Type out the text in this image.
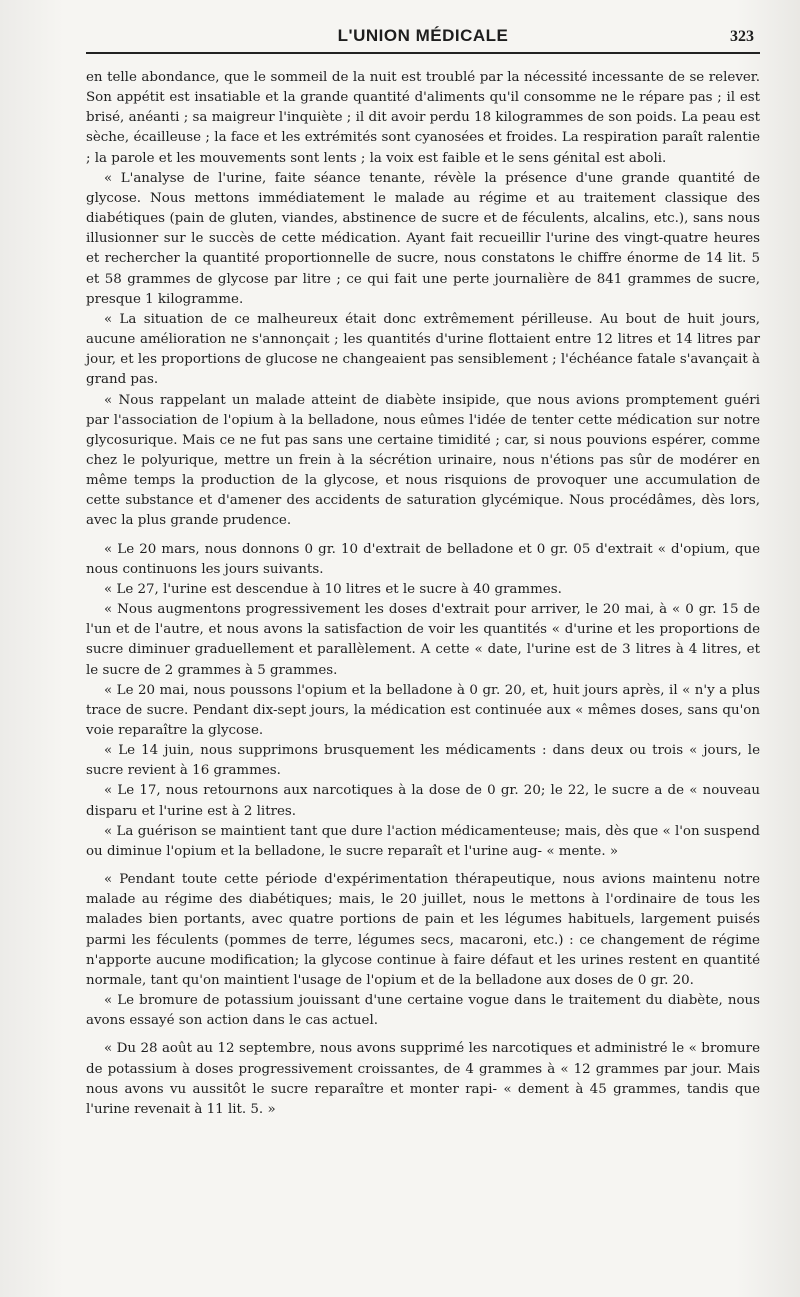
L'UNION MÉDICALE	323

en telle abondance, que le sommeil de la nuit est troublé par la nécessité incessante de se relever. Son appétit est insatiable et la grande quantité d'aliments qu'il consomme ne le répare pas ; il est brisé, anéanti ; sa maigreur l'inquiète ; il dit avoir perdu 18 kilogrammes de son poids. La peau est sèche, écailleuse ; la face et les extrémités sont cyanosées et froides. La respiration paraît ralentie ; la parole et les mouvements sont lents ; la voix est faible et le sens génital est aboli.

« L'analyse de l'urine, faite séance tenante, révèle la présence d'une grande quantité de glycose. Nous mettons immédiatement le malade au régime et au traitement classique des diabétiques (pain de gluten, viandes, abstinence de sucre et de féculents, alcalins, etc.), sans nous illusionner sur le succès de cette médication. Ayant fait recueillir l'urine des vingt-quatre heures et rechercher la quantité proportionnelle de sucre, nous constatons le chiffre énorme de 14 lit. 5 et 58 grammes de glycose par litre ; ce qui fait une perte journalière de 841 grammes de sucre, presque 1 kilogramme.

« La situation de ce malheureux était donc extrêmement périlleuse. Au bout de huit jours, aucune amélioration ne s'annonçait ; les quantités d'urine flottaient entre 12 litres et 14 litres par jour, et les proportions de glucose ne changeaient pas sensiblement ; l'échéance fatale s'avançait à grand pas.

« Nous rappelant un malade atteint de diabète insipide, que nous avions promptement guéri par l'association de l'opium à la belladone, nous eûmes l'idée de tenter cette médication sur notre glycosurique. Mais ce ne fut pas sans une certaine timidité ; car, si nous pouvions espérer, comme chez le polyurique, mettre un frein à la sécrétion urinaire, nous n'étions pas sûr de modérer en même temps la production de la glycose, et nous risquions de provoquer une accumulation de cette substance et d'amener des accidents de saturation glycémique. Nous procédâmes, dès lors, avec la plus grande prudence.

« Le 20 mars, nous donnons 0 gr. 10 d'extrait de belladone et 0 gr. 05 d'extrait « d'opium, que nous continuons les jours suivants.

« Le 27, l'urine est descendue à 10 litres et le sucre à 40 grammes.

« Nous augmentons progressivement les doses d'extrait pour arriver, le 20 mai, à « 0 gr. 15 de l'un et de l'autre, et nous avons la satisfaction de voir les quantités « d'urine et les proportions de sucre diminuer graduellement et parallèlement. A cette « date, l'urine est de 3 litres à 4 litres, et le sucre de 2 grammes à 5 grammes.

« Le 20 mai, nous poussons l'opium et la belladone à 0 gr. 20, et, huit jours après, il « n'y a plus trace de sucre. Pendant dix-sept jours, la médication est continuée aux « mêmes doses, sans qu'on voie reparaître la glycose.

« Le 14 juin, nous supprimons brusquement les médicaments : dans deux ou trois « jours, le sucre revient à 16 grammes.

« Le 17, nous retournons aux narcotiques à la dose de 0 gr. 20; le 22, le sucre a de « nouveau disparu et l'urine est à 2 litres.

« La guérison se maintient tant que dure l'action médicamenteuse; mais, dès que « l'on suspend ou diminue l'opium et la belladone, le sucre reparaît et l'urine aug- « mente. »

« Pendant toute cette période d'expérimentation thérapeutique, nous avions maintenu notre malade au régime des diabétiques; mais, le 20 juillet, nous le mettons à l'ordinaire de tous les malades bien portants, avec quatre portions de pain et les légumes habituels, largement puisés parmi les féculents (pommes de terre, légumes secs, macaroni, etc.) : ce changement de régime n'apporte aucune modification; la glycose continue à faire défaut et les urines restent en quantité normale, tant qu'on maintient l'usage de l'opium et de la belladone aux doses de 0 gr. 20.

« Le bromure de potassium jouissant d'une certaine vogue dans le traitement du diabète, nous avons essayé son action dans le cas actuel.

« Du 28 août au 12 septembre, nous avons supprimé les narcotiques et administré le « bromure de potassium à doses progressivement croissantes, de 4 grammes à « 12 grammes par jour. Mais nous avons vu aussitôt le sucre reparaître et monter rapi- « dement à 45 grammes, tandis que l'urine revenait à 11 lit. 5. »
